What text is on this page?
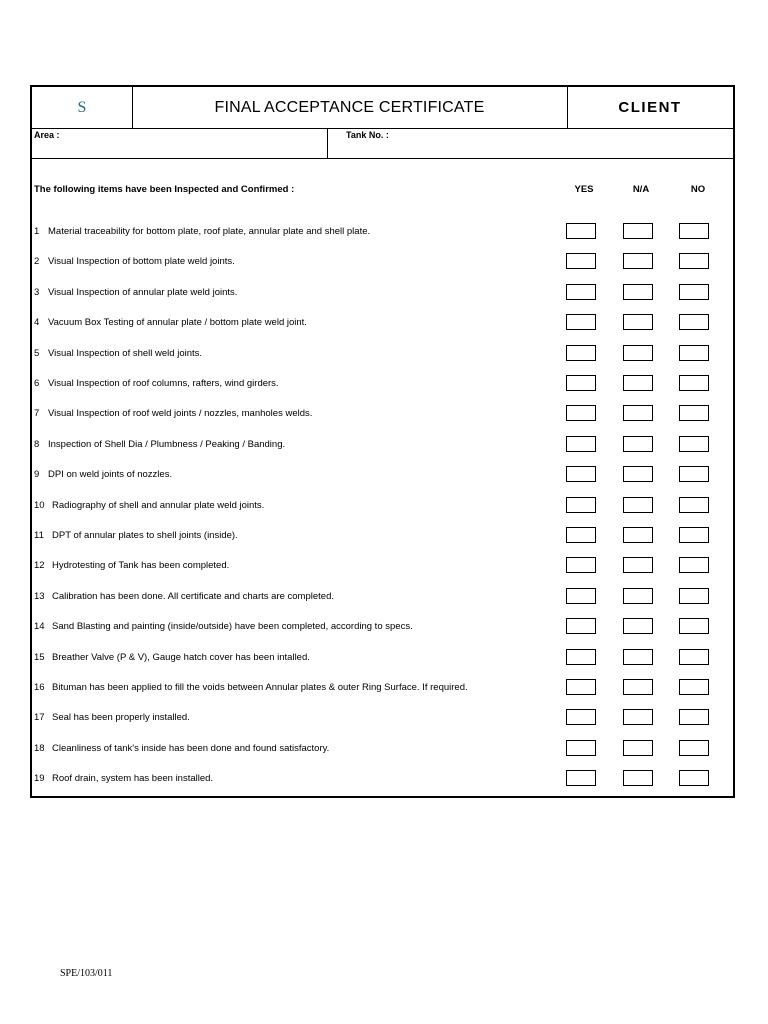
S	FINAL ACCEPTANCE CERTIFICATE	CLIENT
Area :	Tank No. :
The following items have been Inspected and Confirmed :	YES	N/A	NO
1 Material traceability for bottom plate, roof plate, annular plate and shell plate.
2 Visual Inspection of bottom plate weld joints.
3 Visual Inspection of annular plate weld joints.
4 Vacuum Box Testing of annular plate / bottom plate weld joint.
5 Visual Inspection of shell weld joints.
6 Visual Inspection of roof columns, rafters, wind girders.
7 Visual Inspection of roof weld joints / nozzles, manholes welds.
8 Inspection of Shell Dia / Plumbness / Peaking / Banding.
9 DPI on weld joints of nozzles.
10 Radiography of shell and annular plate weld joints.
11 DPT of annular plates to shell joints (inside).
12 Hydrotesting of Tank has been completed.
13 Calibration has been done. All certificate and charts are completed.
14 Sand Blasting and painting (inside/outside) have been completed, according to specs.
15 Breather Valve (P & V), Gauge hatch cover has been intalled.
16 Bituman has been applied to fill the voids between Annular plates & outer Ring Surface. If required.
17 Seal has been properly installed.
18 Cleanliness of tank's inside has been done and found satisfactory.
19 Roof drain, system has been installed.
SPE/103/011
